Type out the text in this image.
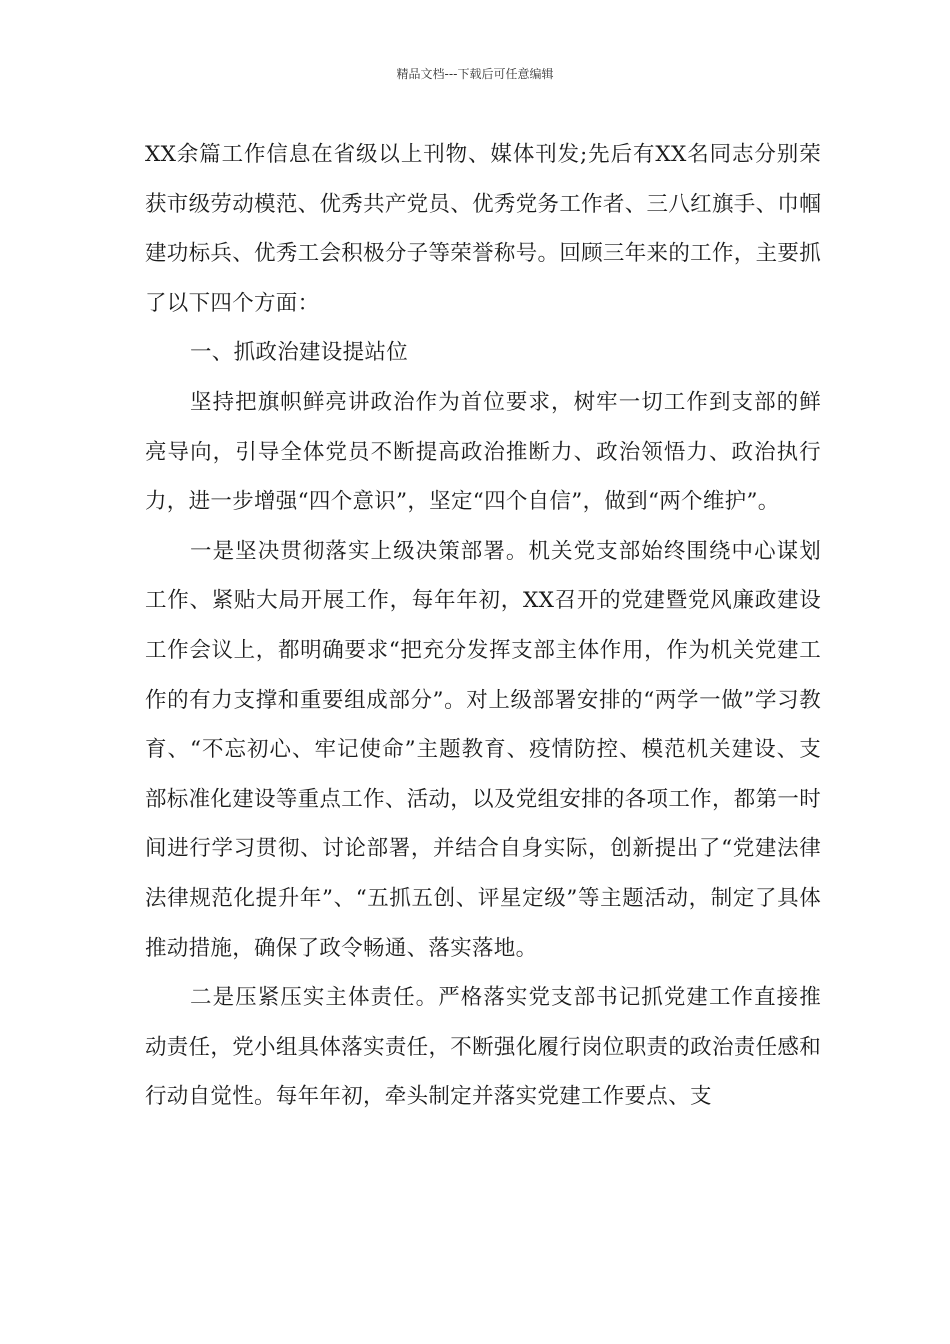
精品文档---下载后可任意编辑

XX余篇工作信息在省级以上刊物、媒体刊发;先后有XX名同志分别荣获市级劳动模范、优秀共产党员、优秀党务工作者、三八红旗手、巾帼建功标兵、优秀工会积极分子等荣誉称号。回顾三年来的工作，主要抓了以下四个方面：

一、抓政治建设提站位

坚持把旗帜鲜亮讲政治作为首位要求，树牢一切工作到支部的鲜亮导向，引导全体党员不断提高政治推断力、政治领悟力、政治执行力，进一步增强“四个意识”，坚定“四个自信”，做到“两个维护”。

一是坚决贯彻落实上级决策部署。机关党支部始终围绕中心谋划工作、紧贴大局开展工作，每年年初，XX召开的党建暨党风廉政建设工作会议上，都明确要求“把充分发挥支部主体作用，作为机关党建工作的有力支撑和重要组成部分”。对上级部署安排的“两学一做”学习教育、“不忘初心、牢记使命”主题教育、疫情防控、模范机关建设、支部标准化建设等重点工作、活动，以及党组安排的各项工作，都第一时间进行学习贯彻、讨论部署，并结合自身实际，创新提出了“党建法律法律规范化提升年”、“五抓五创、评星定级”等主题活动，制定了具体推动措施，确保了政令畅通、落实落地。

二是压紧压实主体责任。严格落实党支部书记抓党建工作直接推动责任，党小组具体落实责任，不断强化履行岗位职责的政治责任感和行动自觉性。每年年初，牵头制定并落实党建工作要点、支
